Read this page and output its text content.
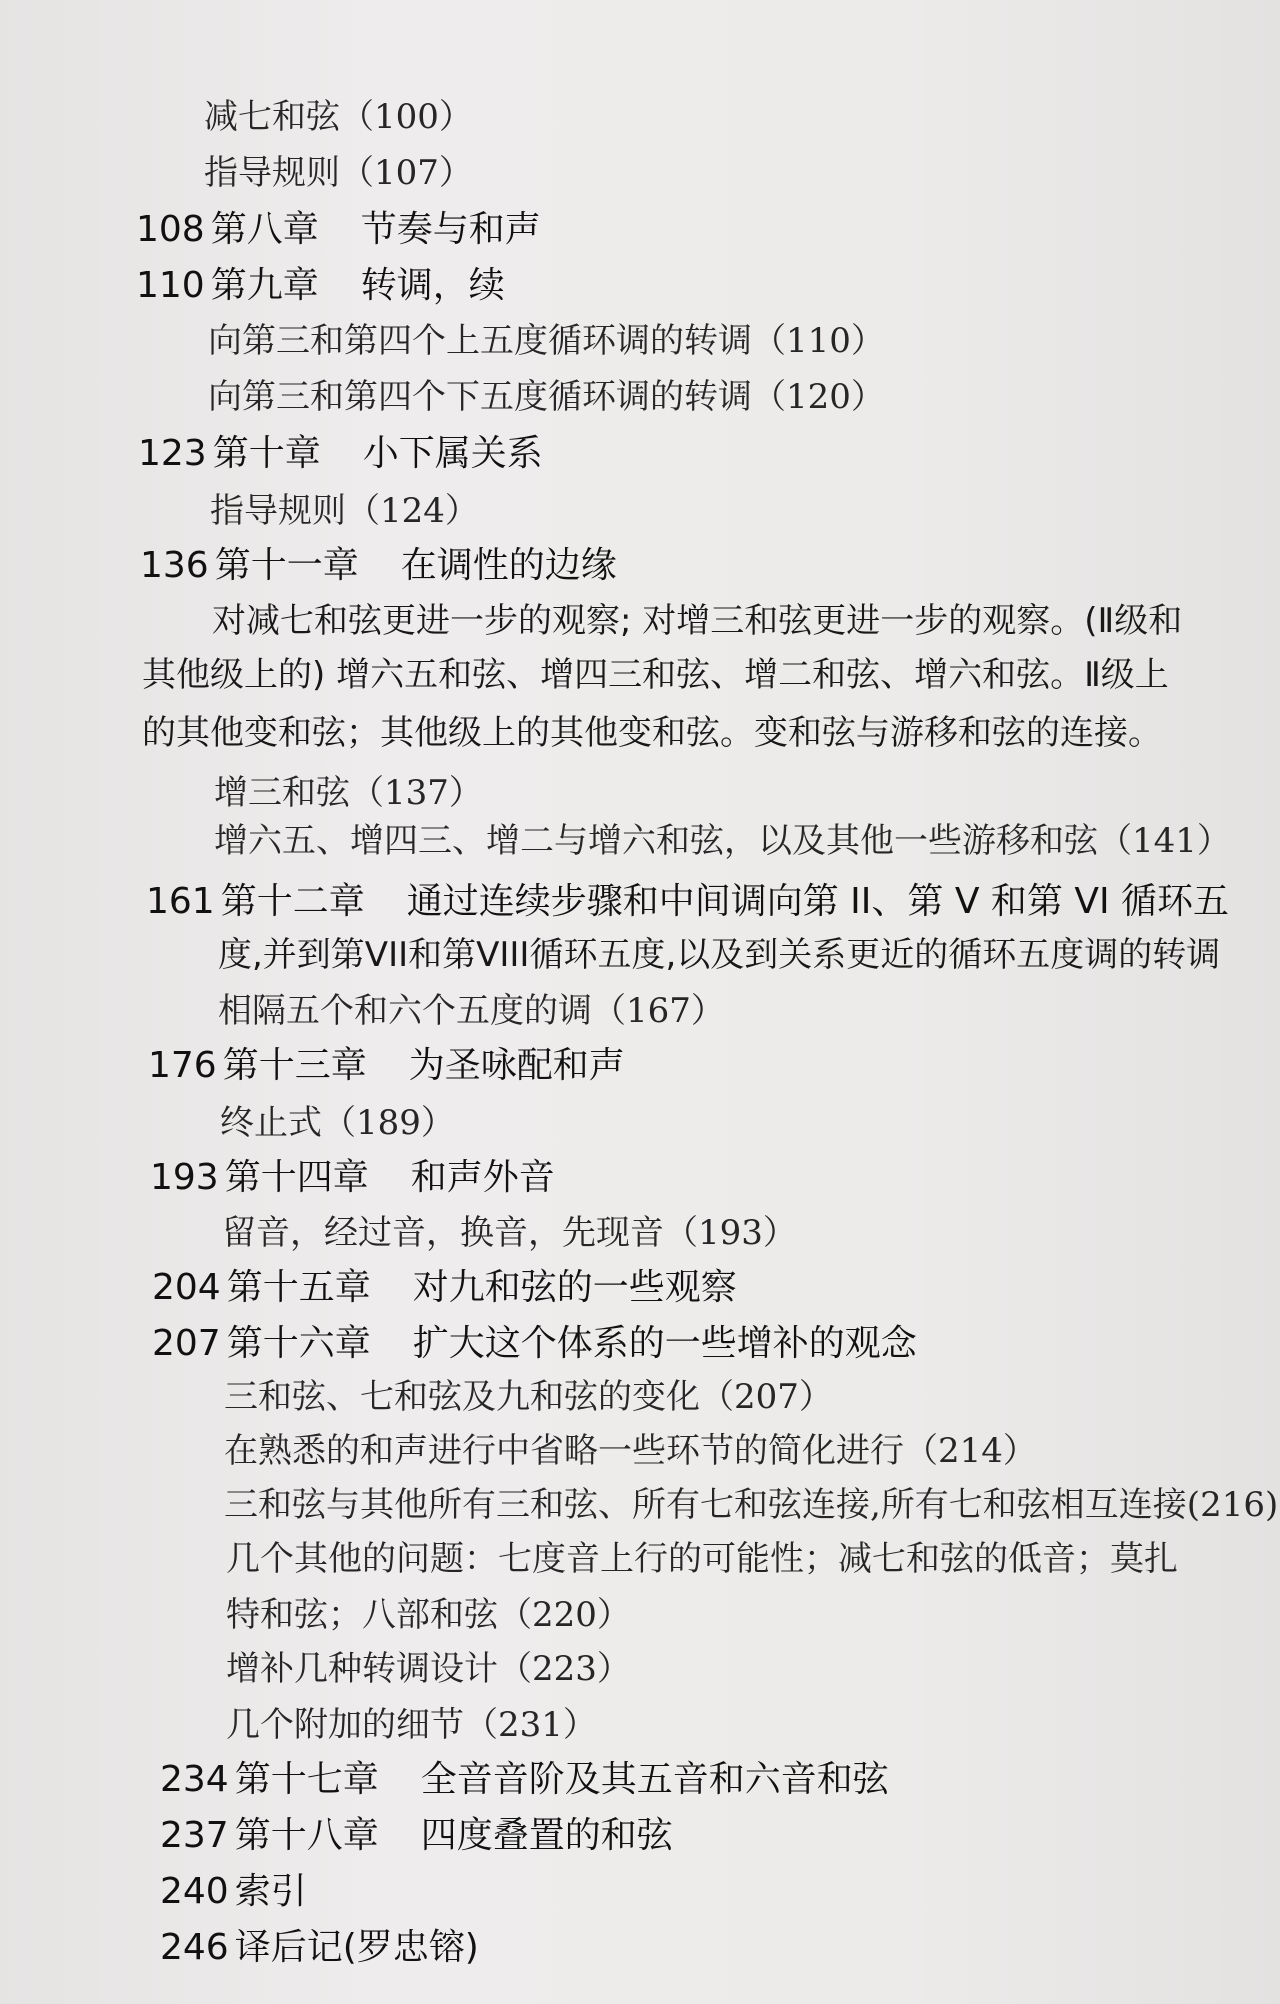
减七和弦（100）
指导规则（107）
108 第八章 节奏与和声
110 第九章 转调，续
向第三和第四个上五度循环调的转调（110）
向第三和第四个下五度循环调的转调（120）
123 第十章 小下属关系
指导规则（124）
136 第十一章 在调性的边缘
对减七和弦更进一步的观察; 对增三和弦更进一步的观察。(Ⅱ级和
其他级上的) 增六五和弦、增四三和弦、增二和弦、增六和弦。Ⅱ级上
的其他变和弦；其他级上的其他变和弦。变和弦与游移和弦的连接。
增三和弦（137）
增六五、增四三、增二与增六和弦，以及其他一些游移和弦（141）
161 第十二章 通过连续步骤和中间调向第 II、第 V 和第 VI 循环五
度,并到第VII和第VIII循环五度,以及到关系更近的循环五度调的转调
相隔五个和六个五度的调（167）
176 第十三章 为圣咏配和声
终止式（189）
193 第十四章 和声外音
留音，经过音，换音，先现音（193）
204 第十五章 对九和弦的一些观察
207 第十六章 扩大这个体系的一些增补的观念
三和弦、七和弦及九和弦的变化（207）
在熟悉的和声进行中省略一些环节的简化进行（214）
三和弦与其他所有三和弦、所有七和弦连接,所有七和弦相互连接(216)
几个其他的问题：七度音上行的可能性；减七和弦的低音；莫扎
特和弦；八部和弦（220）
增补几种转调设计（223）
几个附加的细节（231）
234 第十七章 全音音阶及其五音和六音和弦
237 第十八章 四度叠置的和弦
240 索引
246 译后记(罗忠镕)
